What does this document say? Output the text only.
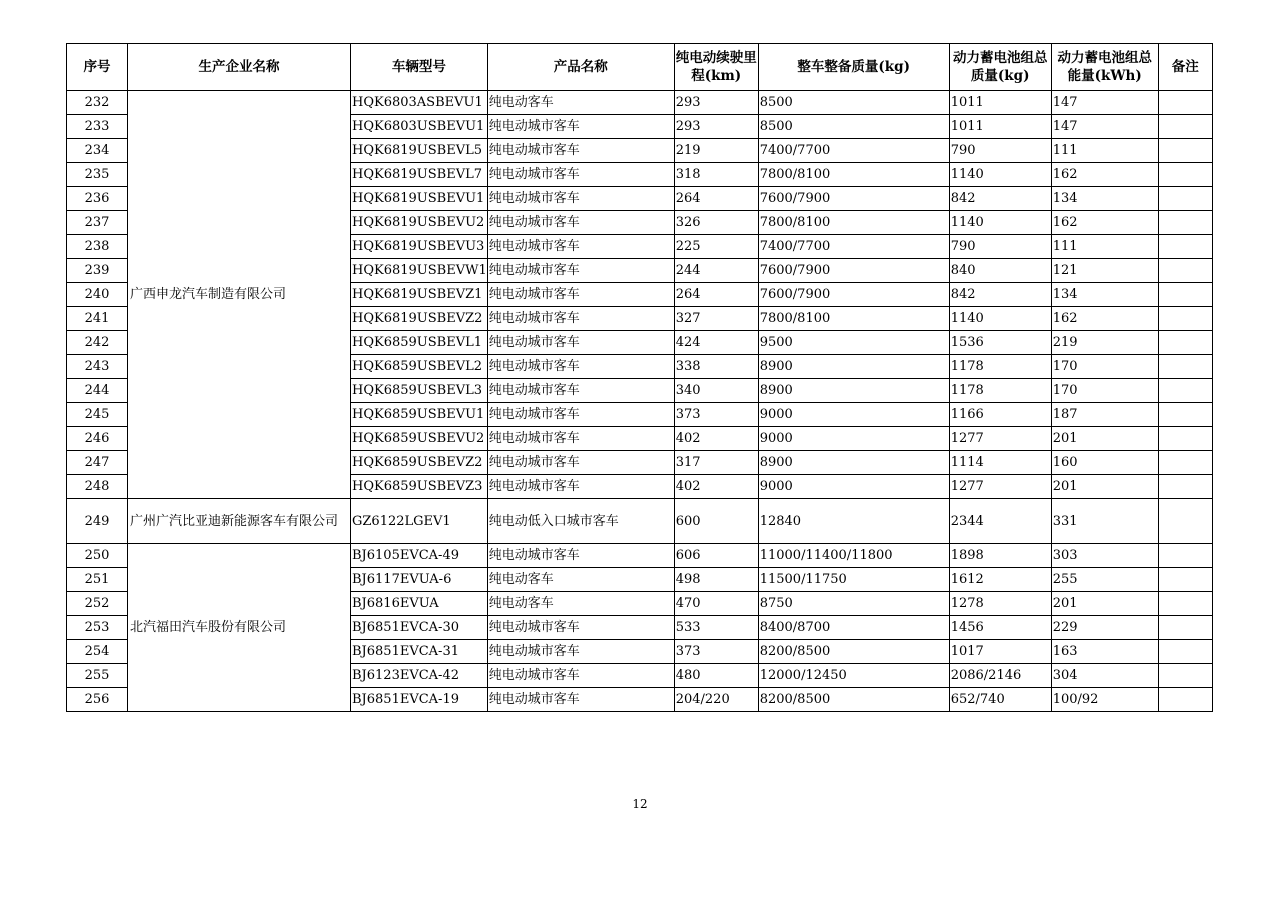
序号	生产企业名称	车辆型号	产品名称	纯电动续驶里程(km)	整车整备质量(kg)	动力蓄电池组总质量(kg)	动力蓄电池组总能量(kWh)	备注
232	广西申龙汽车制造有限公司	HQK6803ASBEVU1	纯电动客车	293	8500	1011	147	
233		HQK6803USBEVU1	纯电动城市客车	293	8500	1011	147	
234		HQK6819USBEVL5	纯电动城市客车	219	7400/7700	790	111	
235		HQK6819USBEVL7	纯电动城市客车	318	7800/8100	1140	162	
236		HQK6819USBEVU1	纯电动城市客车	264	7600/7900	842	134	
237		HQK6819USBEVU2	纯电动城市客车	326	7800/8100	1140	162	
238		HQK6819USBEVU3	纯电动城市客车	225	7400/7700	790	111	
239		HQK6819USBEVW1	纯电动城市客车	244	7600/7900	840	121	
240		HQK6819USBEVZ1	纯电动城市客车	264	7600/7900	842	134	
241		HQK6819USBEVZ2	纯电动城市客车	327	7800/8100	1140	162	
242		HQK6859USBEVL1	纯电动城市客车	424	9500	1536	219	
243		HQK6859USBEVL2	纯电动城市客车	338	8900	1178	170	
244		HQK6859USBEVL3	纯电动城市客车	340	8900	1178	170	
245		HQK6859USBEVU1	纯电动城市客车	373	9000	1166	187	
246		HQK6859USBEVU2	纯电动城市客车	402	9000	1277	201	
247		HQK6859USBEVZ2	纯电动城市客车	317	8900	1114	160	
248		HQK6859USBEVZ3	纯电动城市客车	402	9000	1277	201	
249	广州广汽比亚迪新能源客车有限公司	GZ6122LGEV1	纯电动低入口城市客车	600	12840	2344	331	
250	北汽福田汽车股份有限公司	BJ6105EVCA-49	纯电动城市客车	606	11000/11400/11800	1898	303	
251		BJ6117EVUA-6	纯电动客车	498	11500/11750	1612	255	
252		BJ6816EVUA	纯电动客车	470	8750	1278	201	
253		BJ6851EVCA-30	纯电动城市客车	533	8400/8700	1456	229	
254		BJ6851EVCA-31	纯电动城市客车	373	8200/8500	1017	163	
255		BJ6123EVCA-42	纯电动城市客车	480	12000/12450	2086/2146	304	
256		BJ6851EVCA-19	纯电动城市客车	204/220	8200/8500	652/740	100/92	
12
